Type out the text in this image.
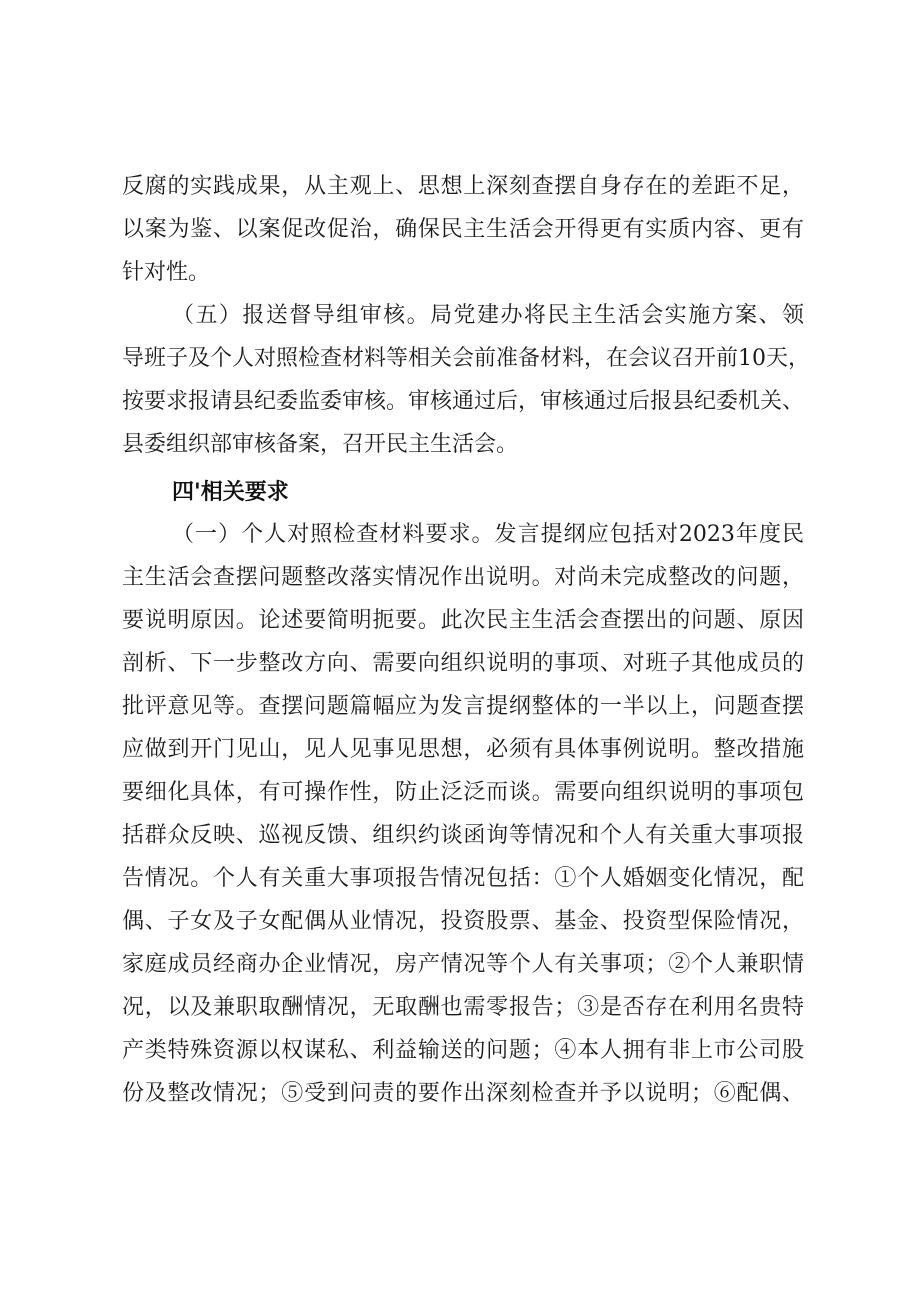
反腐的实践成果，从主观上、思想上深刻查摆自身存在的差距不足，
以案为鉴、以案促改促治，确保民主生活会开得更有实质内容、更有
针对性。
（五）报送督导组审核。局党建办将民主生活会实施方案、领
导班子及个人对照检查材料等相关会前准备材料，在会议召开前10天，
按要求报请县纪委监委审核。审核通过后，审核通过后报县纪委机关、
县委组织部审核备案，召开民主生活会。
四'相关要求
（一）个人对照检查材料要求。发言提纲应包括对2023年度民
主生活会查摆问题整改落实情况作出说明。对尚未完成整改的问题，
要说明原因。论述要简明扼要。此次民主生活会查摆出的问题、原因
剖析、下一步整改方向、需要向组织说明的事项、对班子其他成员的
批评意见等。查摆问题篇幅应为发言提纲整体的一半以上，问题查摆
应做到开门见山，见人见事见思想，必须有具体事例说明。整改措施
要细化具体，有可操作性，防止泛泛而谈。需要向组织说明的事项包
括群众反映、巡视反馈、组织约谈函询等情况和个人有关重大事项报
告情况。个人有关重大事项报告情况包括：①个人婚姻变化情况，配
偶、子女及子女配偶从业情况，投资股票、基金、投资型保险情况，
家庭成员经商办企业情况，房产情况等个人有关事项；②个人兼职情
况，以及兼职取酬情况，无取酬也需零报告；③是否存在利用名贵特
产类特殊资源以权谋私、利益输送的问题；④本人拥有非上市公司股
份及整改情况；⑤受到问责的要作出深刻检查并予以说明；⑥配偶、
